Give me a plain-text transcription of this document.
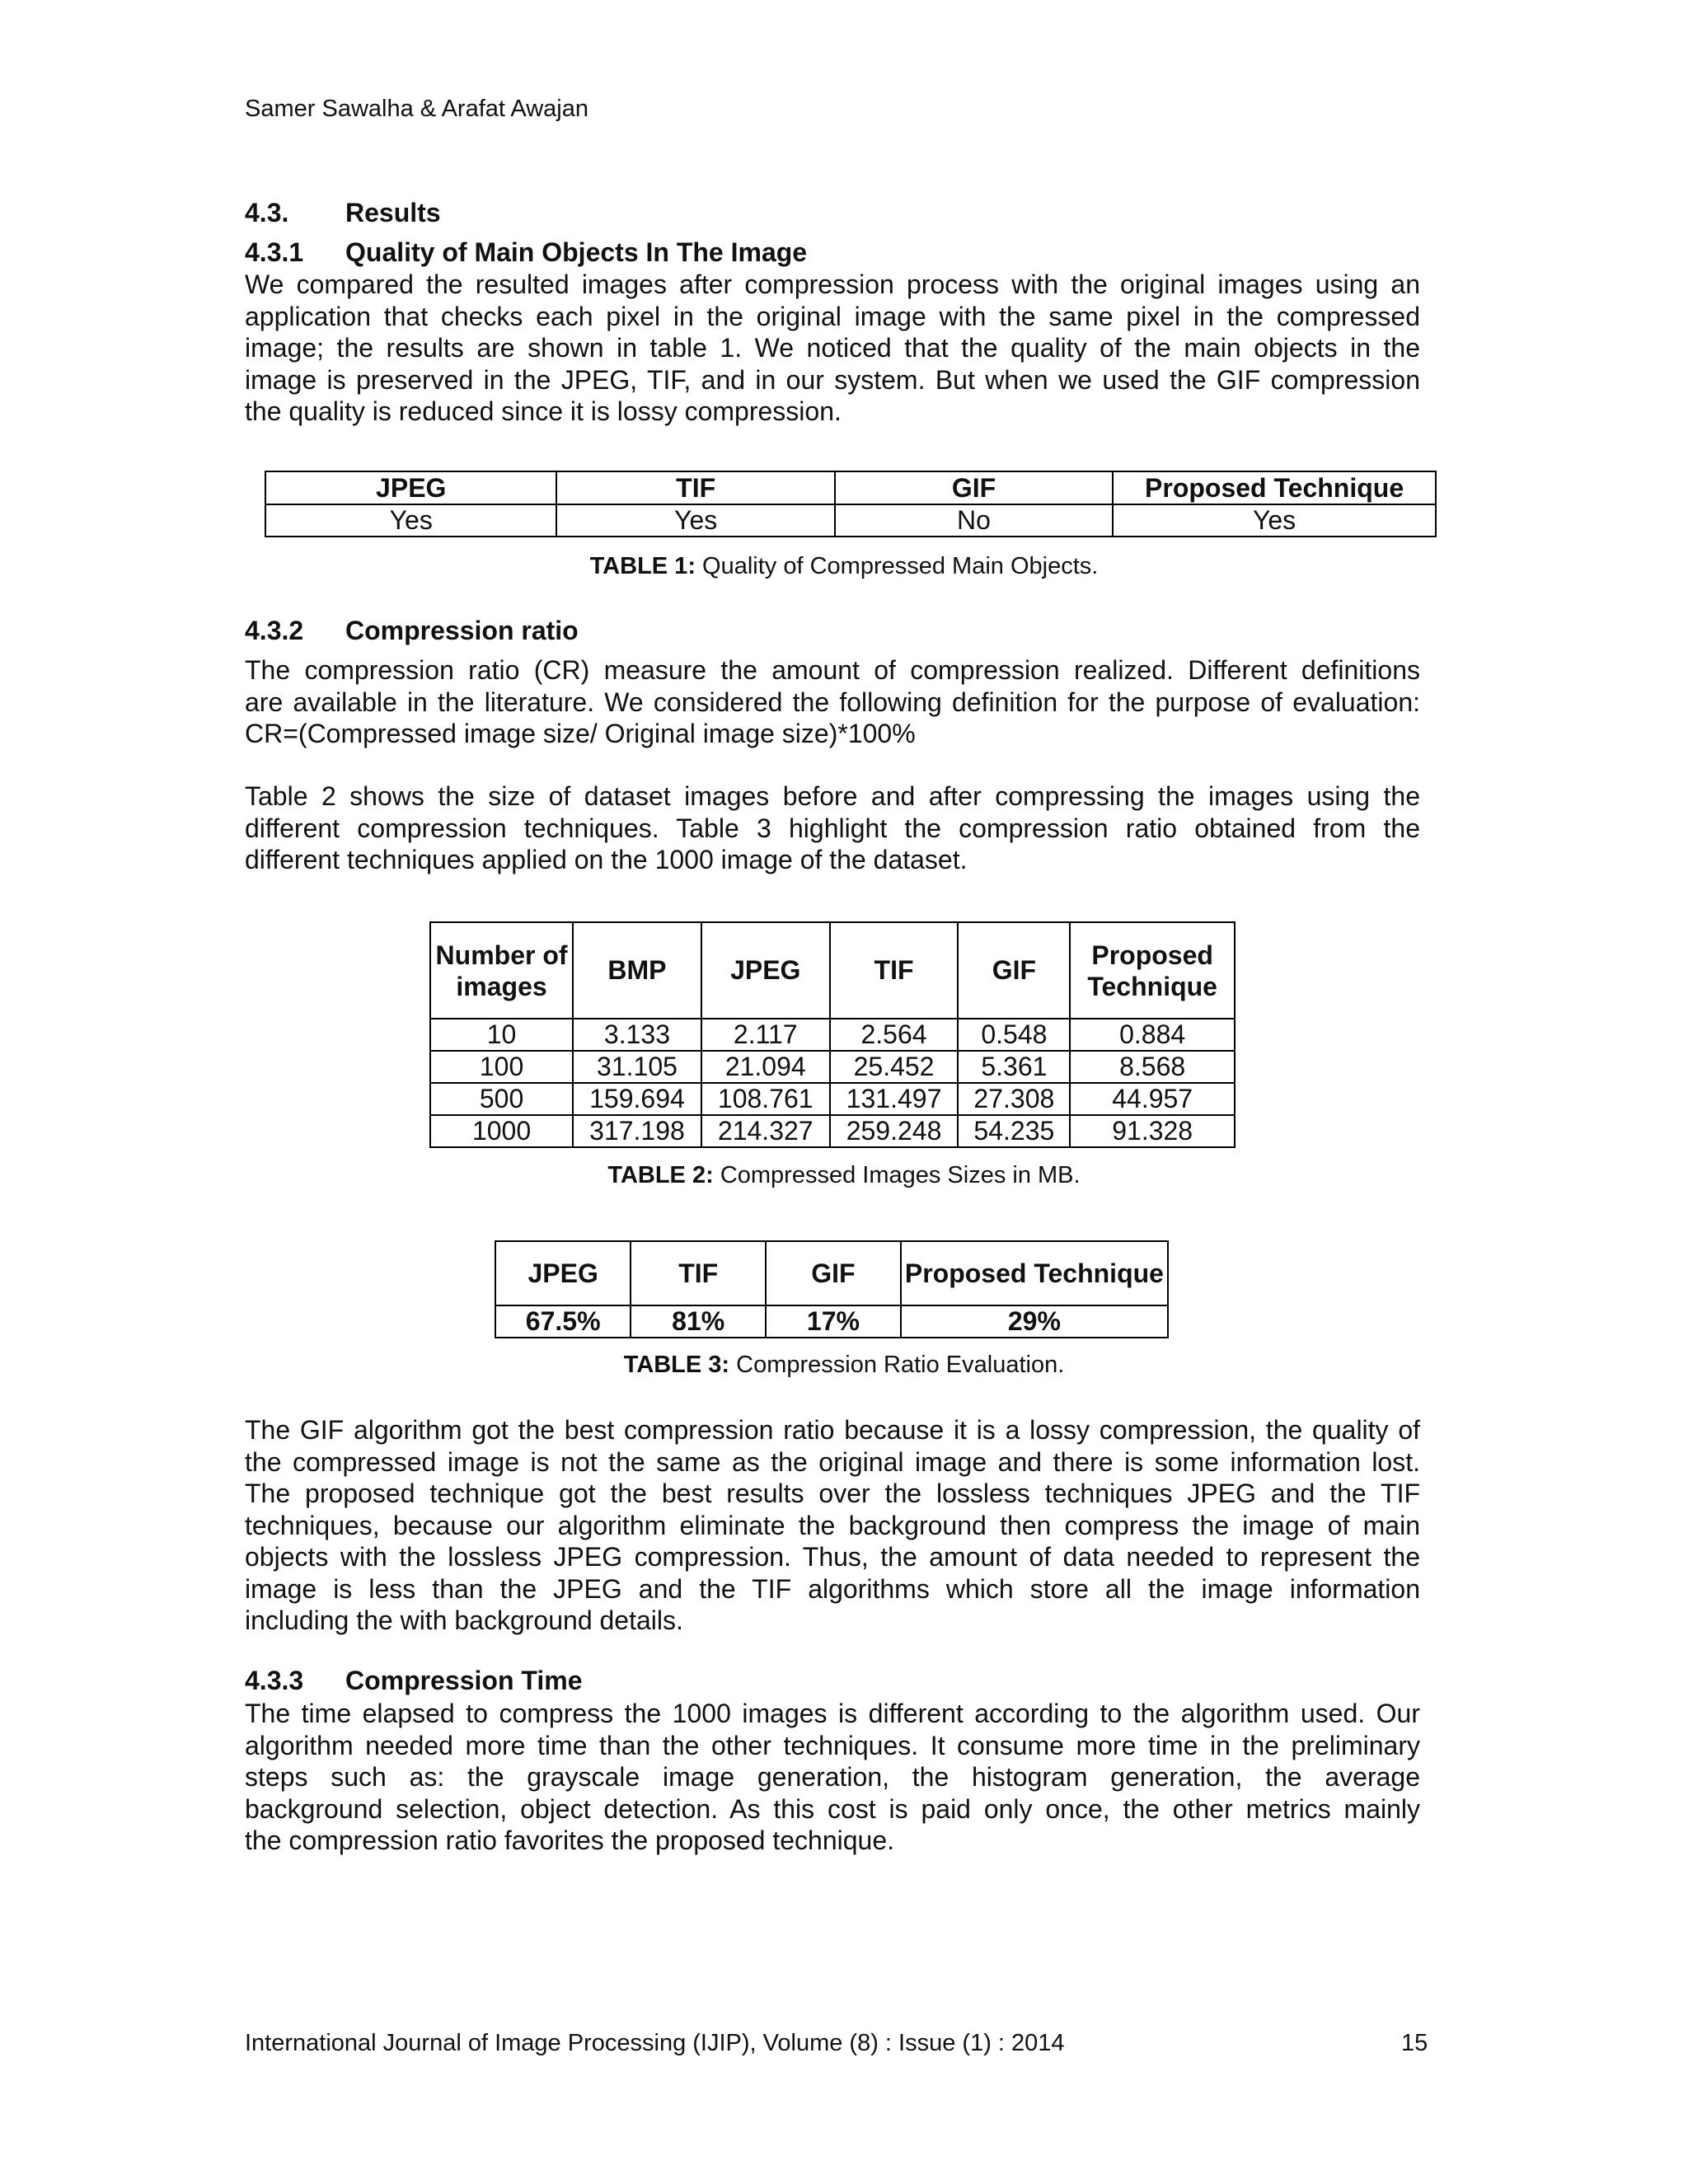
Samer Sawalha & Arafat Awajan
4.3. Results
4.3.1 Quality of Main Objects In The Image
We compared the resulted images after compression process with the original images using an
application that checks each pixel in the original image with the same pixel in the compressed
image; the results are shown in table 1. We noticed that the quality of the main objects in the
image is preserved in the JPEG, TIF, and in our system. But when we used the GIF compression
the quality is reduced since it is lossy compression.
JPEG	TIF	GIF	Proposed Technique
Yes	Yes	No	Yes
TABLE 1: Quality of Compressed Main Objects.
4.3.2 Compression ratio
The compression ratio (CR) measure the amount of compression realized. Different definitions
are available in the literature. We considered the following definition for the purpose of evaluation:
CR=(Compressed image size/ Original image size)*100%
Table 2 shows the size of dataset images before and after compressing the images using the
different compression techniques. Table 3 highlight the compression ratio obtained from the
different techniques applied on the 1000 image of the dataset.
Number of images	BMP	JPEG	TIF	GIF	Proposed Technique
10	3.133	2.117	2.564	0.548	0.884
100	31.105	21.094	25.452	5.361	8.568
500	159.694	108.761	131.497	27.308	44.957
1000	317.198	214.327	259.248	54.235	91.328
TABLE 2: Compressed Images Sizes in MB.
JPEG	TIF	GIF	Proposed Technique
67.5%	81%	17%	29%
TABLE 3: Compression Ratio Evaluation.
The GIF algorithm got the best compression ratio because it is a lossy compression, the quality of
the compressed image is not the same as the original image and there is some information lost.
The proposed technique got the best results over the lossless techniques JPEG and the TIF
techniques, because our algorithm eliminate the background then compress the image of main
objects with the lossless JPEG compression. Thus, the amount of data needed to represent the
image is less than the JPEG and the TIF algorithms which store all the image information
including the with background details.
4.3.3 Compression Time
The time elapsed to compress the 1000 images is different according to the algorithm used. Our
algorithm needed more time than the other techniques. It consume more time in the preliminary
steps such as: the grayscale image generation, the histogram generation, the average
background selection, object detection. As this cost is paid only once, the other metrics mainly
the compression ratio favorites the proposed technique.
International Journal of Image Processing (IJIP), Volume (8) : Issue (1) : 2014	15
